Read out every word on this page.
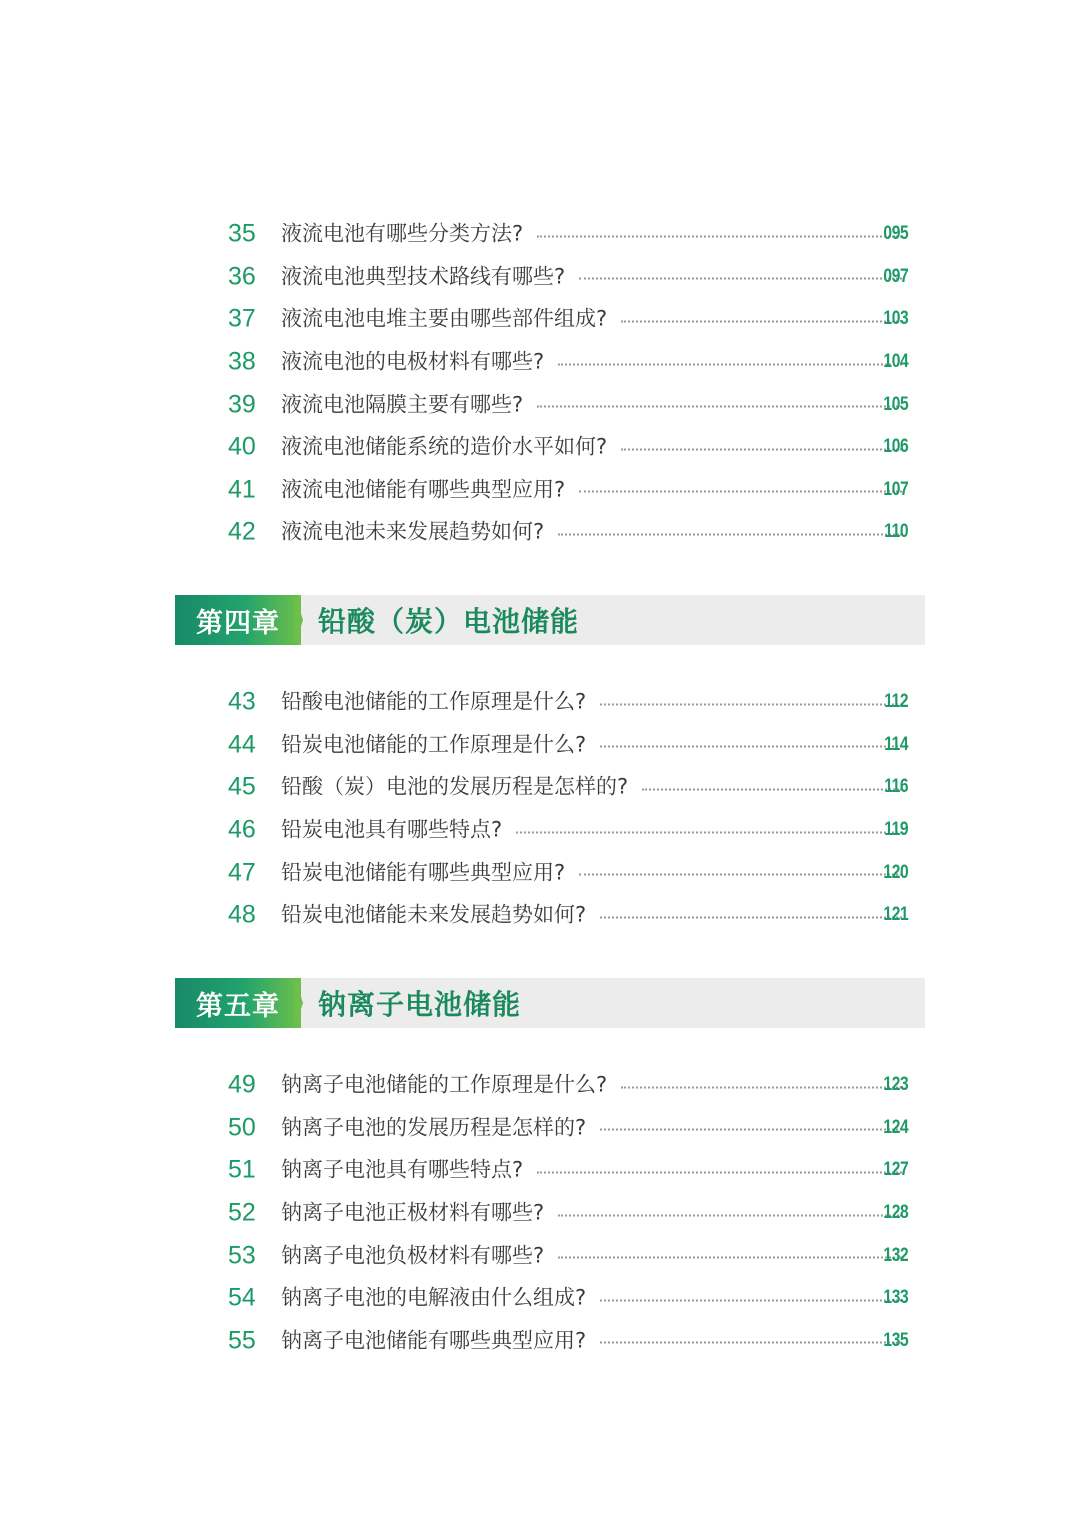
35	液流电池有哪些分类方法?	095
36	液流电池典型技术路线有哪些?	097
37	液流电池电堆主要由哪些部件组成?	103
38	液流电池的电极材料有哪些?	104
39	液流电池隔膜主要有哪些?	105
40	液流电池储能系统的造价水平如何?	106
41	液流电池储能有哪些典型应用?	107
42	液流电池未来发展趋势如何?	110
第四章 铅酸（炭）电池储能
43	铅酸电池储能的工作原理是什么?	112
44	铅炭电池储能的工作原理是什么?	114
45	铅酸（炭）电池的发展历程是怎样的?	116
46	铅炭电池具有哪些特点?	119
47	铅炭电池储能有哪些典型应用?	120
48	铅炭电池储能未来发展趋势如何?	121
第五章 钠离子电池储能
49	钠离子电池储能的工作原理是什么?	123
50	钠离子电池的发展历程是怎样的?	124
51	钠离子电池具有哪些特点?	127
52	钠离子电池正极材料有哪些?	128
53	钠离子电池负极材料有哪些?	132
54	钠离子电池的电解液由什么组成?	133
55	钠离子电池储能有哪些典型应用?	135
